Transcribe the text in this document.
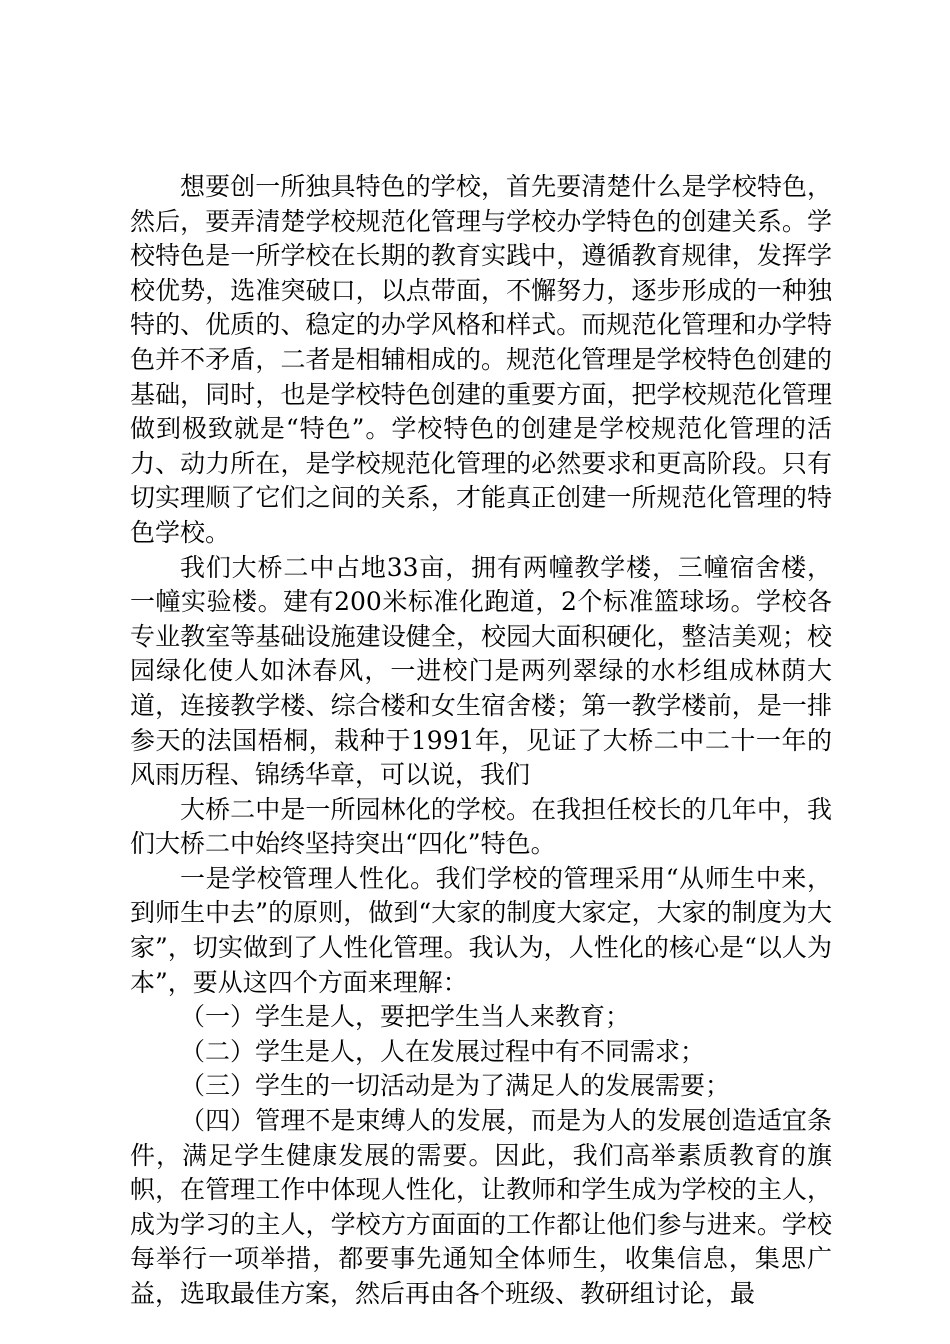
想要创一所独具特色的学校，首先要清楚什么是学校特色，然后，要弄清楚学校规范化管理与学校办学特色的创建关系。学校特色是一所学校在长期的教育实践中，遵循教育规律，发挥学校优势，选准突破口，以点带面，不懈努力，逐步形成的一种独特的、优质的、稳定的办学风格和样式。而规范化管理和办学特色并不矛盾，二者是相辅相成的。规范化管理是学校特色创建的基础，同时，也是学校特色创建的重要方面，把学校规范化管理做到极致就是“特色”。学校特色的创建是学校规范化管理的活力、动力所在，是学校规范化管理的必然要求和更高阶段。只有切实理顺了它们之间的关系，才能真正创建一所规范化管理的特色学校。

我们大桥二中占地33亩，拥有两幢教学楼，三幢宿舍楼，一幢实验楼。建有200米标准化跑道，2个标准篮球场。学校各专业教室等基础设施建设健全，校园大面积硬化，整洁美观；校园绿化使人如沐春风，一进校门是两列翠绿的水杉组成林荫大道，连接教学楼、综合楼和女生宿舍楼；第一教学楼前，是一排参天的法国梧桐，栽种于1991年，见证了大桥二中二十一年的风雨历程、锦绣华章，可以说，我们

大桥二中是一所园林化的学校。在我担任校长的几年中，我们大桥二中始终坚持突出“四化”特色。

一是学校管理人性化。我们学校的管理采用“从师生中来，到师生中去”的原则，做到“大家的制度大家定，大家的制度为大家”，切实做到了人性化管理。我认为，人性化的核心是“以人为本”，要从这四个方面来理解：

（一）学生是人，要把学生当人来教育；

（二）学生是人，人在发展过程中有不同需求；

（三）学生的一切活动是为了满足人的发展需要；

（四）管理不是束缚人的发展，而是为人的发展创造适宜条件，满足学生健康发展的需要。因此，我们高举素质教育的旗帜，在管理工作中体现人性化，让教师和学生成为学校的主人，成为学习的主人，学校方方面面的工作都让他们参与进来。学校每举行一项举措，都要事先通知全体师生，收集信息，集思广益，选取最佳方案，然后再由各个班级、教研组讨论，最
